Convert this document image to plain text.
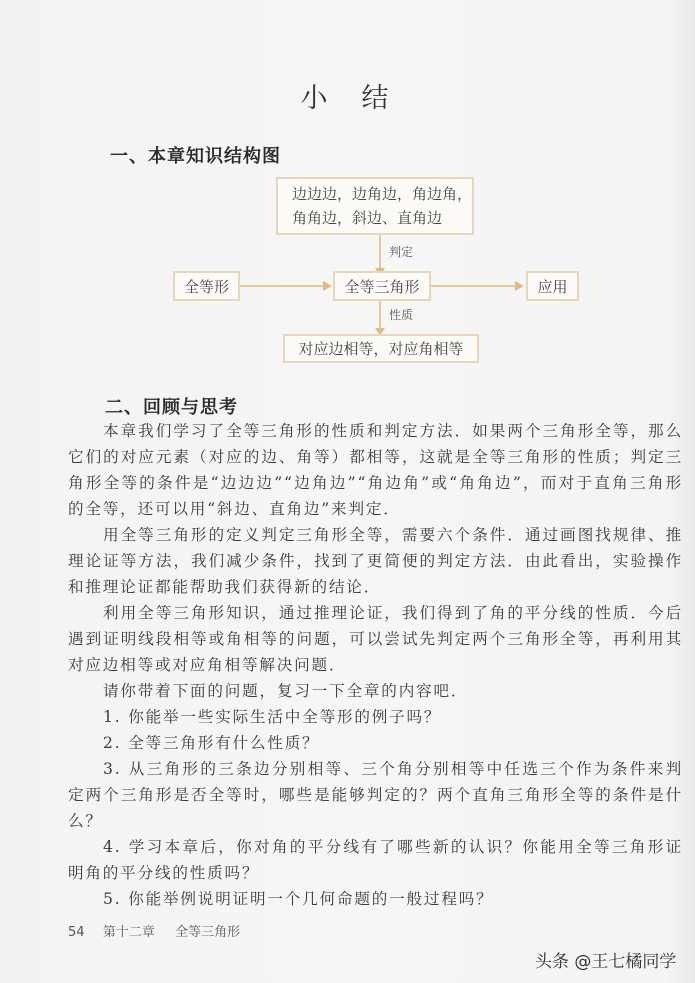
小结
一、本章知识结构图
边边边，边角边，角边角，
角角边，斜边、直角边
判定
全等形	全等三角形	应用
性质
对应边相等，对应角相等
二、回顾与思考

本章我们学习了全等三角形的性质和判定方法．如果两个三角形全等，那么它们的对应元素（对应的边、角等）都相等，这就是全等三角形的性质；判定三角形全等的条件是“边边边”“边角边”“角边角”或“角角边”，而对于直角三角形的全等，还可以用“斜边、直角边”来判定．

用全等三角形的定义判定三角形全等，需要六个条件．通过画图找规律、推理论证等方法，我们减少条件，找到了更简便的判定方法．由此看出，实验操作和推理论证都能帮助我们获得新的结论．

利用全等三角形知识，通过推理论证，我们得到了角的平分线的性质．今后遇到证明线段相等或角相等的问题，可以尝试先判定两个三角形全等，再利用其对应边相等或对应角相等解决问题．

请你带着下面的问题，复习一下全章的内容吧．

1. 你能举一些实际生活中全等形的例子吗？

2. 全等三角形有什么性质？

3. 从三角形的三条边分别相等、三个角分别相等中任选三个作为条件来判定两个三角形是否全等时，哪些是能够判定的？两个直角三角形全等的条件是什么？

4. 学习本章后，你对角的平分线有了哪些新的认识？你能用全等三角形证明角的平分线的性质吗？

5. 你能举例说明证明一个几何命题的一般过程吗？

54 第十二章 全等三角形
头条 @王七橘同学
